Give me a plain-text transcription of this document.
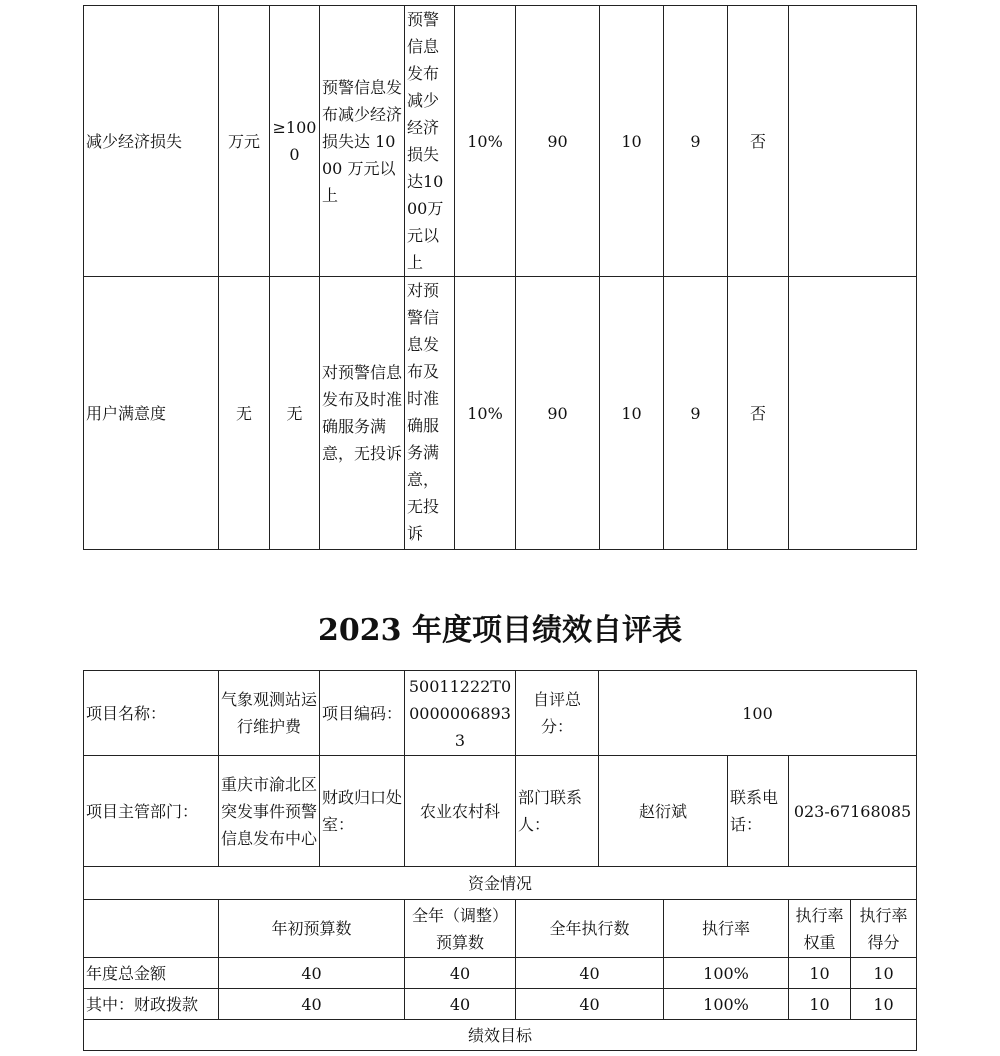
减少经济损失	万元	≥1000	预警信息发布减少经济损失达 1000 万元以上	预警信息发布减少经济损失达1000万元以上	10%	90	10	9	否	
用户满意度	无	无	对预警信息发布及时准确服务满意，无投诉	对预警信息发布及时准确服务满意，无投诉	10%	90	10	9	否	
2023 年度项目绩效自评表
项目名称：	气象观测站运行维护费	项目编码：	50011222T000000068933	自评总分：	100				
项目主管部门：	重庆市渝北区突发事件预警信息发布中心	财政归口处室：	农业农村科	部门联系人：	赵衍斌		联系电话：	023-67168085	
资金情况									
	年初预算数		全年（调整）预算数	全年执行数		执行率		执行率权重	执行率得分
年度总金额	40		40	40		100%		10	10
其中：财政拨款	40		40	40		100%		10	10
绩效目标									
